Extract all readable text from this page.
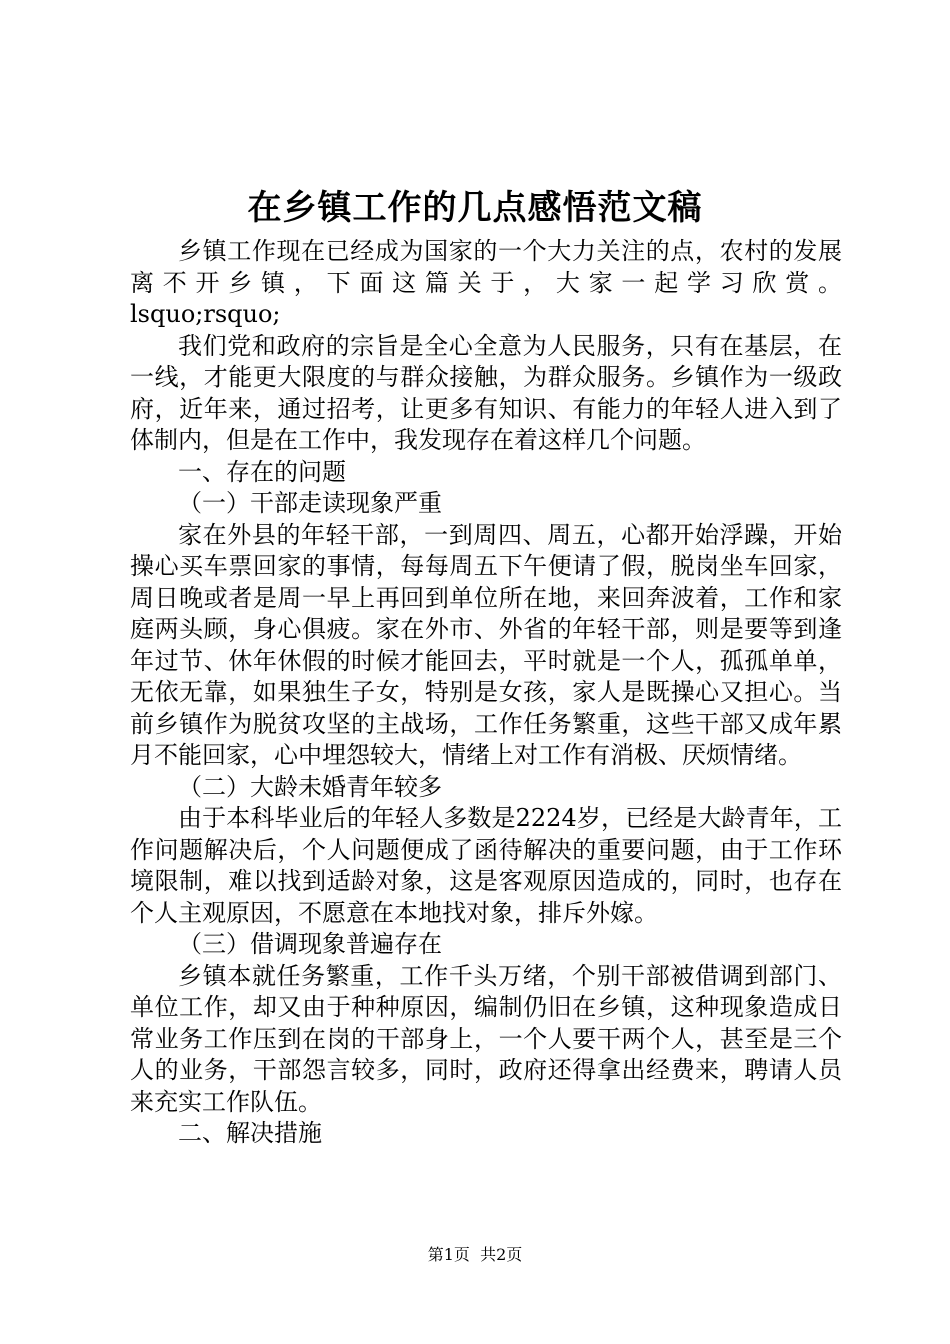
在乡镇工作的几点感悟范文稿

乡镇工作现在已经成为国家的一个大力关注的点，农村的发展离不开乡镇，下面这篇关于，大家一起学习欣赏。

lsquo;rsquo;

我们党和政府的宗旨是全心全意为人民服务，只有在基层，在一线，才能更大限度的与群众接触，为群众服务。乡镇作为一级政府，近年来，通过招考，让更多有知识、有能力的年轻人进入到了体制内，但是在工作中，我发现存在着这样几个问题。

一、存在的问题

（一）干部走读现象严重

家在外县的年轻干部，一到周四、周五，心都开始浮躁，开始操心买车票回家的事情，每每周五下午便请了假，脱岗坐车回家，周日晚或者是周一早上再回到单位所在地，来回奔波着，工作和家庭两头顾，身心俱疲。家在外市、外省的年轻干部，则是要等到逢年过节、休年休假的时候才能回去，平时就是一个人，孤孤单单，无依无靠，如果独生子女，特别是女孩，家人是既操心又担心。当前乡镇作为脱贫攻坚的主战场，工作任务繁重，这些干部又成年累月不能回家，心中埋怨较大，情绪上对工作有消极、厌烦情绪。

（二）大龄未婚青年较多

由于本科毕业后的年轻人多数是2224岁，已经是大龄青年，工作问题解决后，个人问题便成了函待解决的重要问题，由于工作环境限制，难以找到适龄对象，这是客观原因造成的，同时，也存在个人主观原因，不愿意在本地找对象，排斥外嫁。

（三）借调现象普遍存在

乡镇本就任务繁重，工作千头万绪，个别干部被借调到部门、单位工作，却又由于种种原因，编制仍旧在乡镇，这种现象造成日常业务工作压到在岗的干部身上，一个人要干两个人，甚至是三个人的业务，干部怨言较多，同时，政府还得拿出经费来，聘请人员来充实工作队伍。

二、解决措施

第1页 共2页
